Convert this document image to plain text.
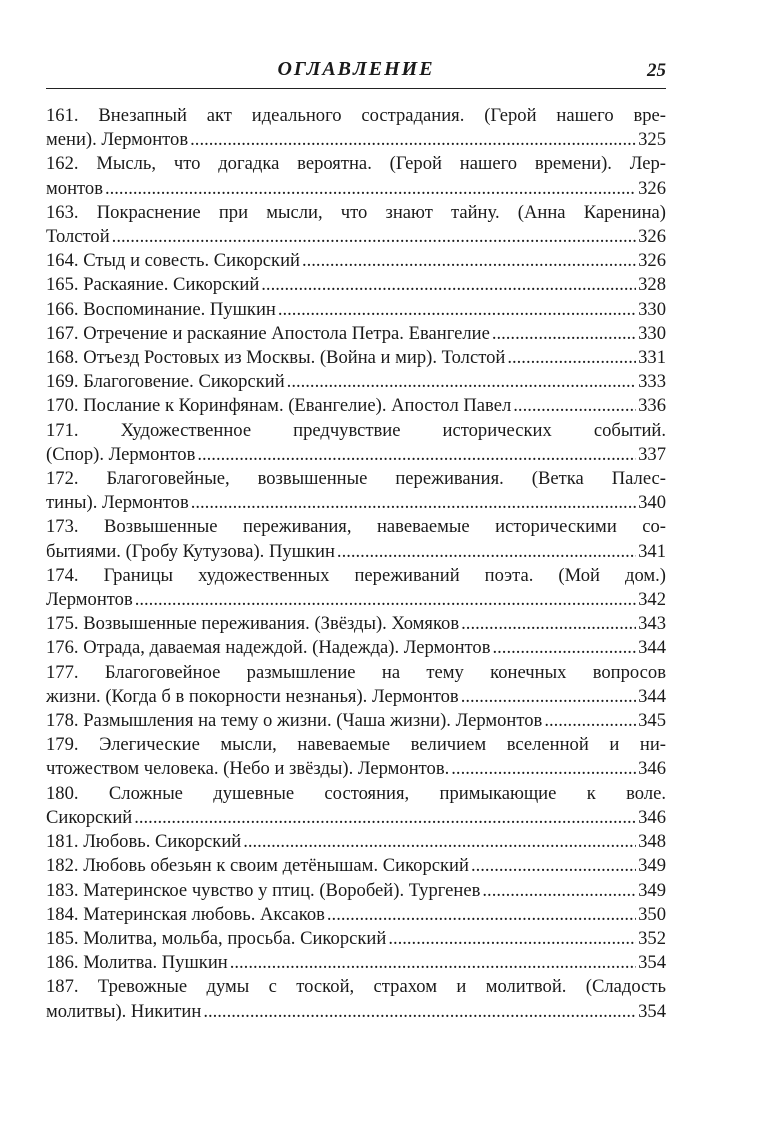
ОГЛАВЛЕНИЕ	25
161. Внезапный акт идеального сострадания. (Герой нашего вре-
мени). Лермонтов .....	325
162. Мысль, что догадка вероятна. (Герой нашего времени). Лер-
монтов .....	326
163. Покраснение при мысли, что знают тайну. (Анна Каренина)
Толстой .....	326
164. Стыд и совесть. Сикорский .....	326
165. Раскаяние. Сикорский .....	328
166. Воспоминание. Пушкин .....	330
167. Отречение и раскаяние Апостола Петра. Евангелие .....	330
168. Отъезд Ростовых из Москвы. (Война и мир). Толстой .....	331
169. Благоговение. Сикорский .....	333
170. Послание к Коринфянам. (Евангелие). Апостол Павел .....	336
171. Художественное предчувствие исторических событий.
(Спор). Лермонтов .....	337
172. Благоговейные, возвышенные переживания. (Ветка Палес-
тины). Лермонтов .....	340
173. Возвышенные переживания, навеваемые историческими со-
бытиями. (Гробу Кутузова). Пушкин .....	341
174. Границы художественных переживаний поэта. (Мой дом.)
Лермонтов .....	342
175. Возвышенные переживания. (Звёзды). Хомяков .....	343
176. Отрада, даваемая надеждой. (Надежда). Лермонтов .....	344
177. Благоговейное размышление на тему конечных вопросов
жизни. (Когда б в покорности незнанья). Лермонтов .....	344
178. Размышления на тему о жизни. (Чаша жизни). Лермонтов .....	345
179. Элегические мысли, навеваемые величием вселенной и ни-
чтожеством человека. (Небо и звёзды). Лермонтов. .....	346
180. Сложные душевные состояния, примыкающие к воле.
Сикорский .....	346
181. Любовь. Сикорский .....	348
182. Любовь обезьян к своим детёнышам. Сикорский .....	349
183. Материнское чувство у птиц. (Воробей). Тургенев .....	349
184. Материнская любовь. Аксаков .....	350
185. Молитва, мольба, просьба. Сикорский .....	352
186. Молитва. Пушкин .....	354
187. Тревожные думы с тоской, страхом и молитвой. (Сладость
молитвы). Никитин .....	354
